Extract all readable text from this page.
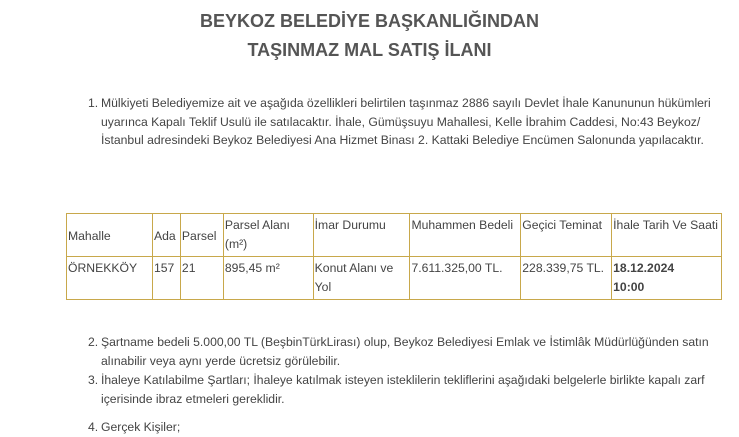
BEYKOZ BELEDİYE BAŞKANLIĞINDAN
TAŞINMAZ MAL SATIŞ İLANI
1. Mülkiyeti Belediyemize ait ve aşağıda özellikleri belirtilen taşınmaz 2886 sayılı Devlet İhale Kanununun hükümleri uyarınca Kapalı Teklif Usulü ile satılacaktır. İhale, Gümüşsuyu Mahallesi, Kelle İbrahim Caddesi, No:43 Beykoz/İstanbul adresindeki Beykoz Belediyesi Ana Hizmet Binası 2. Kattaki Belediye Encümen Salonunda yapılacaktır.

Mahalle	Ada	Parsel	Parsel Alanı (m²)	İmar Durumu	Muhammen Bedeli	Geçici Teminat	İhale Tarih Ve Saati
ÖRNEKKÖY	157	21	895,45 m²	Konut Alanı ve Yol	7.611.325,00 TL.	228.339,75 TL.	18.12.2024
10:00
2. Şartname bedeli 5.000,00 TL (BeşbinTürkLirası) olup, Beykoz Belediyesi Emlak ve İstimlâk Müdürlüğünden satın alınabilir veya aynı yerde ücretsiz görülebilir.

3. İhaleye Katılabilme Şartları; İhaleye katılmak isteyen isteklilerin tekliflerini aşağıdaki belgelerle birlikte kapalı zarf içerisinde ibraz etmeleri gereklidir.

4. Gerçek Kişiler;
